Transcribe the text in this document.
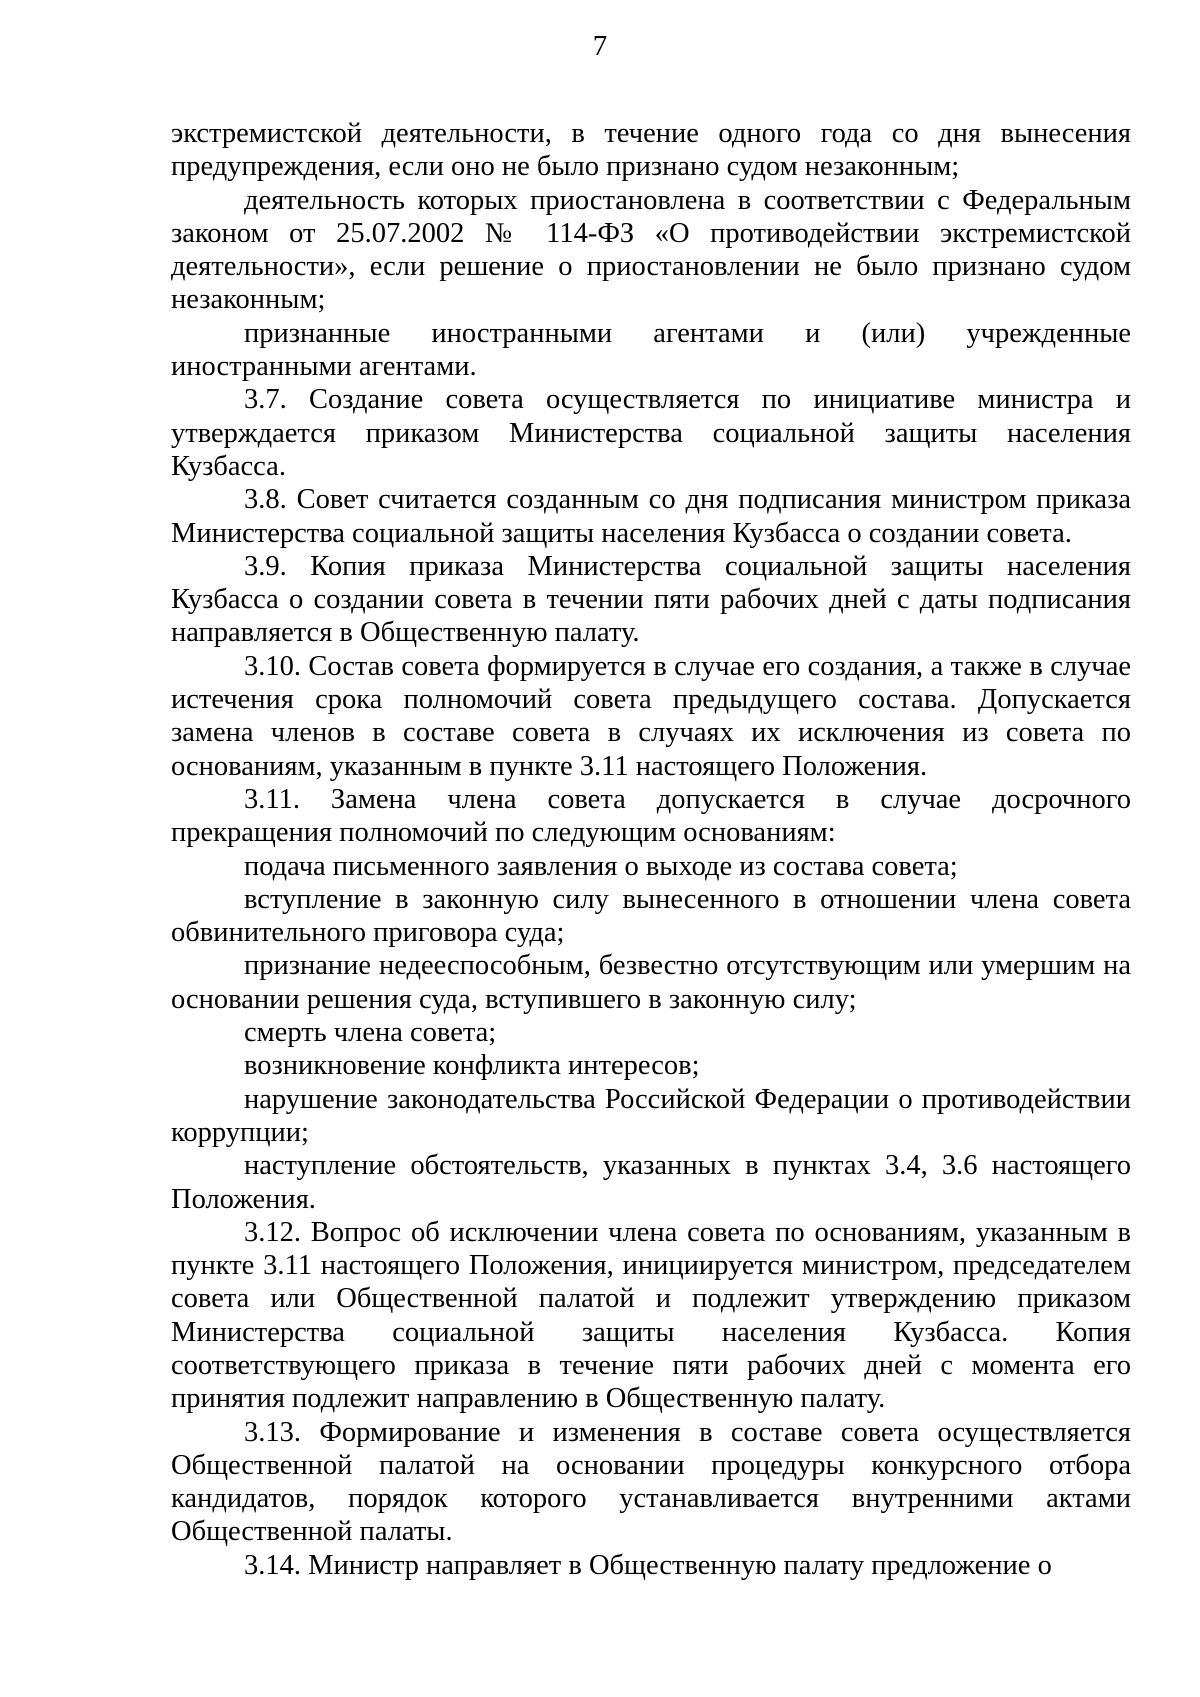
7

экстремистской деятельности, в течение одного года со дня вынесения предупреждения, если оно не было признано судом незаконным;

деятельность которых приостановлена в соответствии с Федеральным законом от 25.07.2002 № 114-ФЗ «О противодействии экстремистской деятельности», если решение о приостановлении не было признано судом незаконным;

признанные иностранными агентами и (или) учрежденные иностранными агентами.

3.7. Создание совета осуществляется по инициативе министра и утверждается приказом Министерства социальной защиты населения Кузбасса.

3.8. Совет считается созданным со дня подписания министром приказа Министерства социальной защиты населения Кузбасса о создании совета.

3.9. Копия приказа Министерства социальной защиты населения Кузбасса о создании совета в течении пяти рабочих дней с даты подписания направляется в Общественную палату.

3.10. Состав совета формируется в случае его создания, а также в случае истечения срока полномочий совета предыдущего состава. Допускается замена членов в составе совета в случаях их исключения из совета по основаниям, указанным в пункте 3.11 настоящего Положения.

3.11. Замена члена совета допускается в случае досрочного прекращения полномочий по следующим основаниям:

подача письменного заявления о выходе из состава совета;

вступление в законную силу вынесенного в отношении члена совета обвинительного приговора суда;

признание недееспособным, безвестно отсутствующим или умершим на основании решения суда, вступившего в законную силу;

смерть члена совета;

возникновение конфликта интересов;

нарушение законодательства Российской Федерации о противодействии коррупции;

наступление обстоятельств, указанных в пунктах 3.4, 3.6 настоящего Положения.

3.12. Вопрос об исключении члена совета по основаниям, указанным в пункте 3.11 настоящего Положения, инициируется министром, председателем совета или Общественной палатой и подлежит утверждению приказом Министерства социальной защиты населения Кузбасса. Копия соответствующего приказа в течение пяти рабочих дней с момента его принятия подлежит направлению в Общественную палату.

3.13. Формирование и изменения в составе совета осуществляется Общественной палатой на основании процедуры конкурсного отбора кандидатов, порядок которого устанавливается внутренними актами Общественной палаты.

3.14. Министр направляет в Общественную палату предложение о
